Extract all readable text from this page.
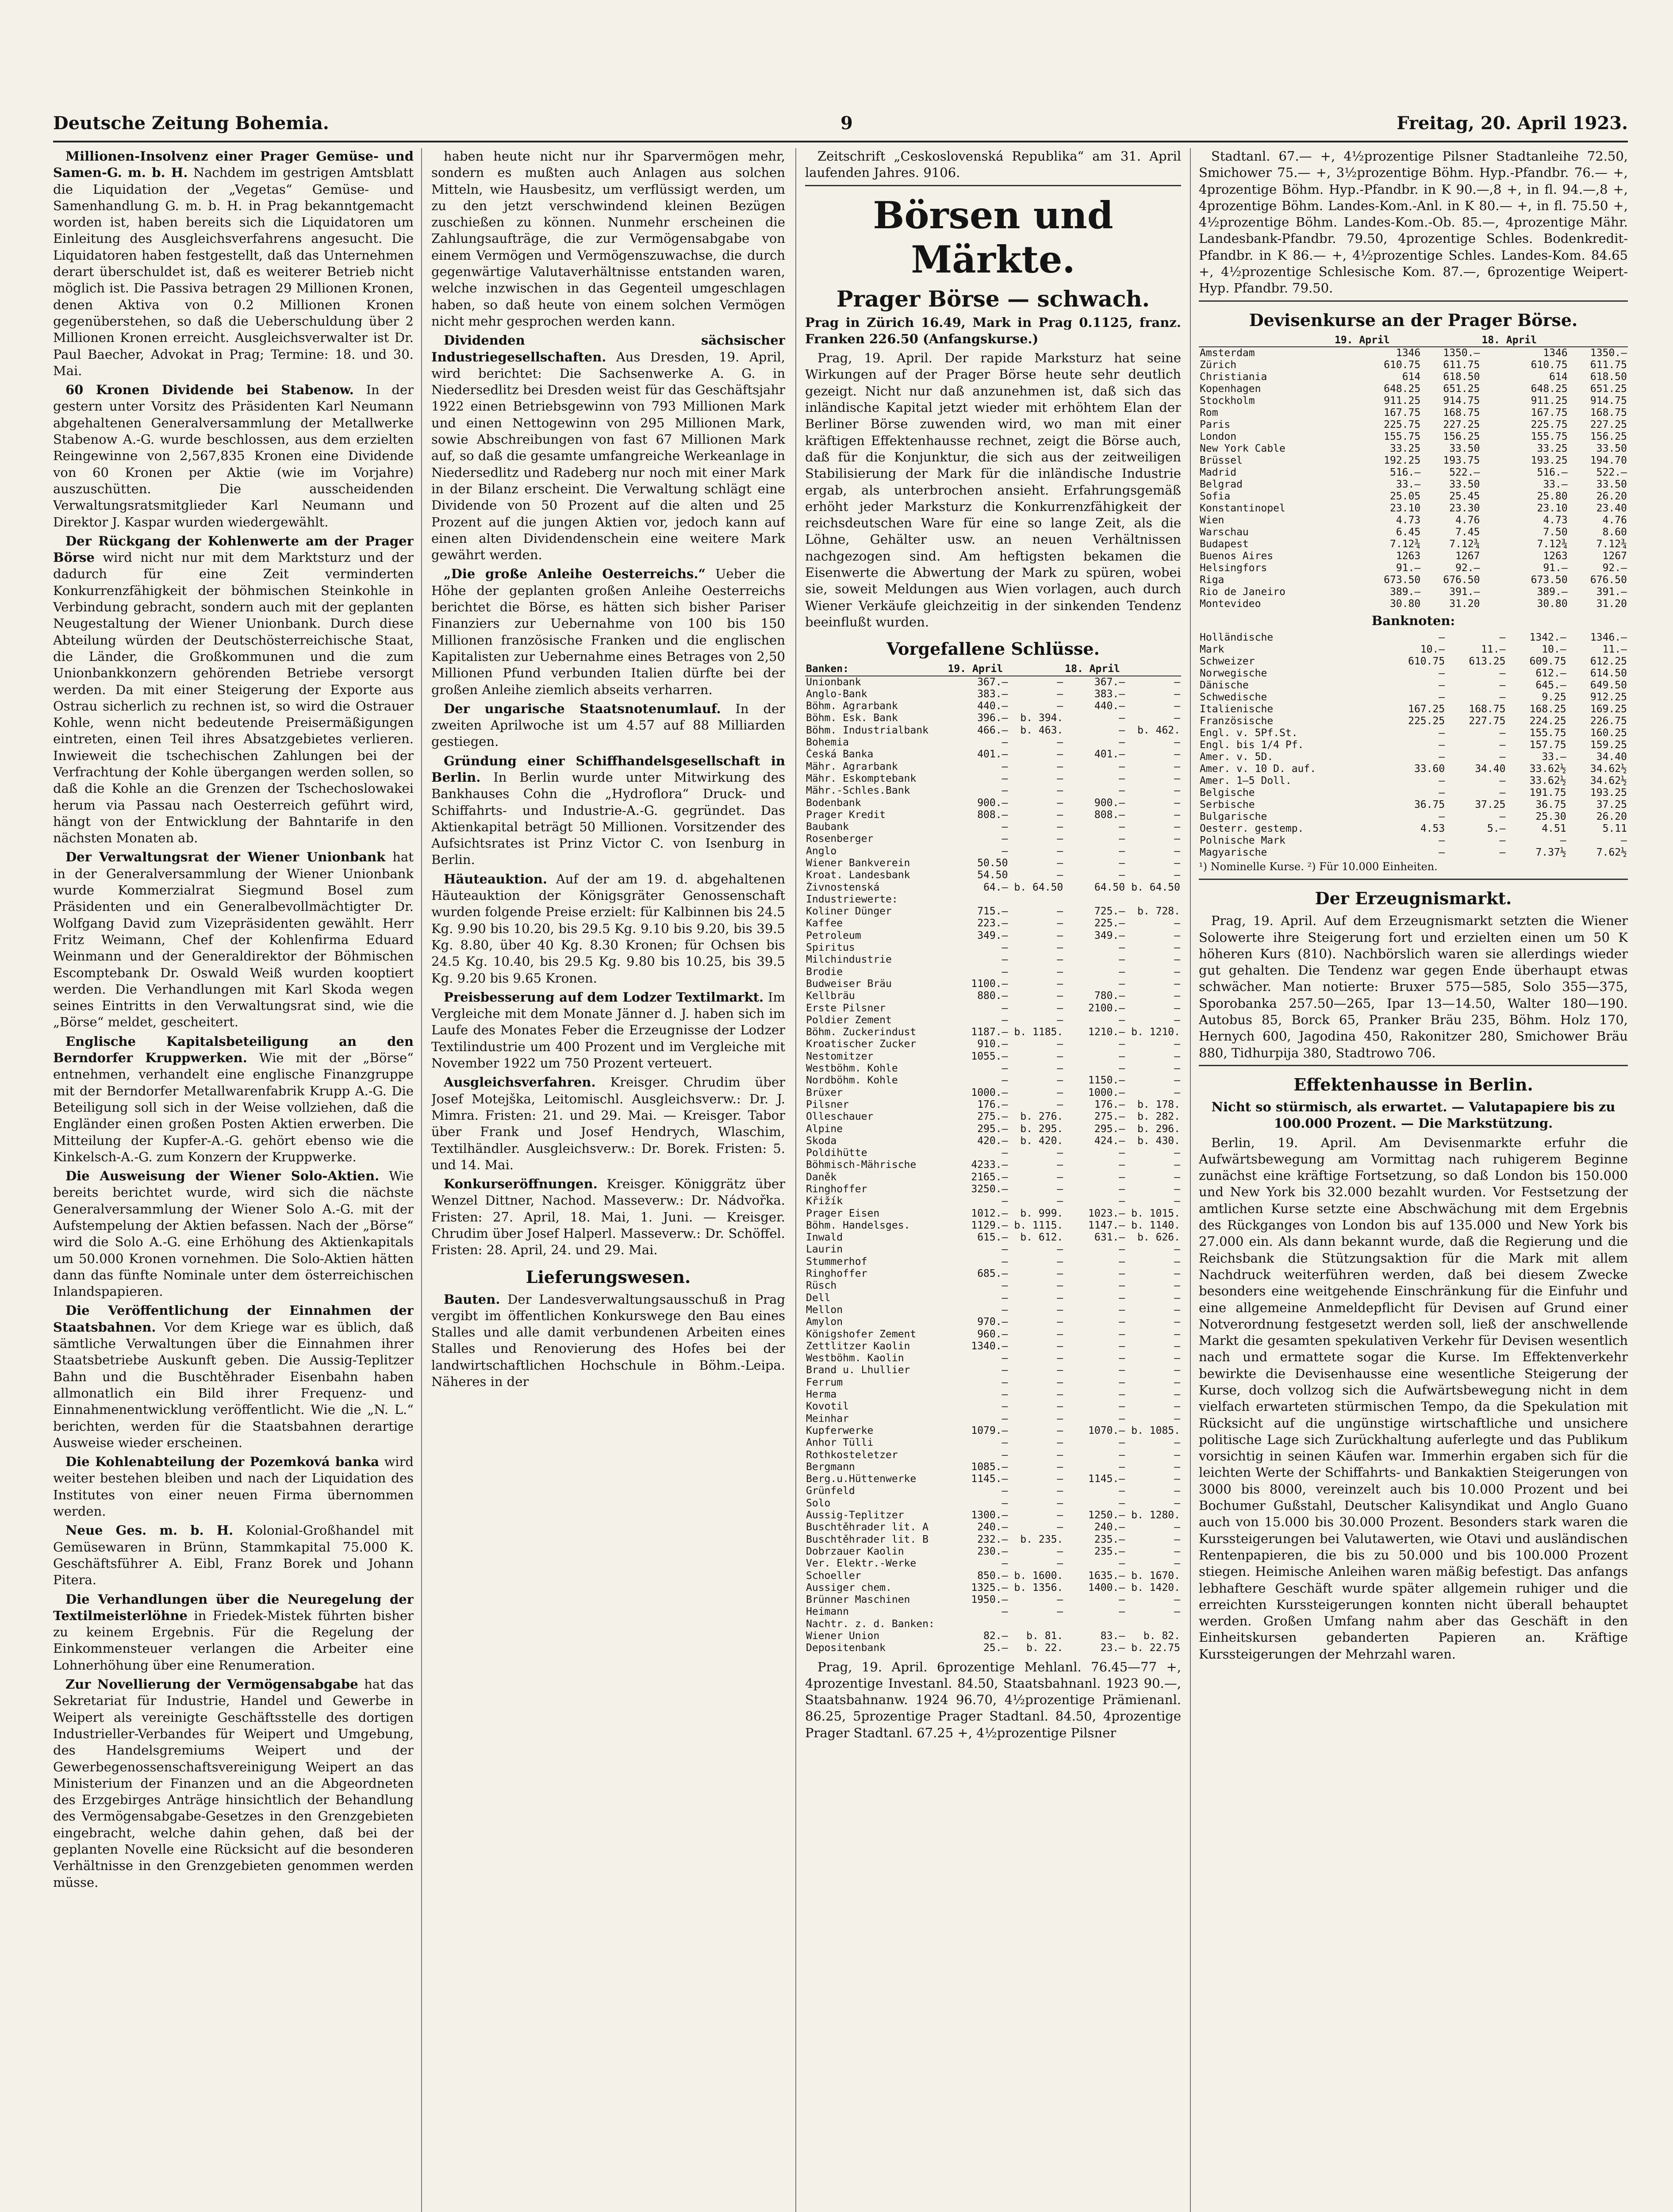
Deutsche Zeitung Bohemia.	9	Freitag, 20. April 1923.

Millionen-Insolvenz einer Prager Gemüse- und Samen-G. m. b. H. Nachdem im gestrigen Amtsblatt die Liquidation der „Vegetas“ Gemüse- und Samenhandlung G. m. b. H. in Prag bekanntgemacht worden ist, haben bereits sich die Liquidatoren um Einleitung des Ausgleichsverfahrens angesucht. Die Liquidatoren haben festgestellt, daß das Unternehmen derart überschuldet ist, daß es weiterer Betrieb nicht möglich ist. Die Passiva betragen 29 Millionen Kronen, denen Aktiva von 0.2 Millionen Kronen gegenüberstehen, so daß die Ueberschuldung über 2 Millionen Kronen erreicht. Ausgleichsverwalter ist Dr. Paul Baecher, Advokat in Prag; Termine: 18. und 30. Mai.

60 Kronen Dividende bei Stabenow. In der gestern unter Vorsitz des Präsidenten Karl Neumann abgehaltenen Generalversammlung der Metallwerke Stabenow A.-G. wurde beschlossen, aus dem erzielten Reingewinne von 2,567,835 Kronen eine Dividende von 60 Kronen per Aktie (wie im Vorjahre) auszuschütten. Die ausscheidenden Verwaltungsratsmitglieder Karl Neumann und Direktor J. Kaspar wurden wiedergewählt.

Der Rückgang der Kohlenwerte am der Prager Börse wird nicht nur mit dem Marktsturz und der dadurch für eine Zeit verminderten Konkurrenzfähigkeit der böhmischen Steinkohle in Verbindung gebracht, sondern auch mit der geplanten Neugestaltung der Wiener Unionbank. Durch diese Abteilung würden der Deutschösterreichische Staat, die Länder, die Großkommunen und die zum Unionbankkonzern gehörenden Betriebe versorgt werden. Da mit einer Steigerung der Exporte aus Ostrau sicherlich zu rechnen ist, so wird die Ostrauer Kohle, wenn nicht bedeutende Preisermäßigungen eintreten, einen Teil ihres Absatzgebietes verlieren. Inwieweit die tschechischen Zahlungen bei der Verfrachtung der Kohle übergangen werden sollen, so daß die Kohle an die Grenzen der Tschechoslowakei herum via Passau nach Oesterreich geführt wird, hängt von der Entwicklung der Bahntarife in den nächsten Monaten ab.

Der Verwaltungsrat der Wiener Unionbank hat in der Generalversammlung der Wiener Unionbank wurde Kommerzialrat Siegmund Bosel zum Präsidenten und ein Generalbevollmächtigter Dr. Wolfgang David zum Vizepräsidenten gewählt. Herr Fritz Weimann, Chef der Kohlenfirma Eduard Weinmann und der Generaldirektor der Böhmischen Escomptebank Dr. Oswald Weiß wurden kooptiert werden. Die Verhandlungen mit Karl Skoda wegen seines Eintritts in den Verwaltungsrat sind, wie die „Börse“ meldet, gescheitert.

Englische Kapitalsbeteiligung an den Berndorfer Kruppwerken. Wie mit der „Börse“ entnehmen, verhandelt eine englische Finanzgruppe mit der Berndorfer Metallwarenfabrik Krupp A.-G. Die Beteiligung soll sich in der Weise vollziehen, daß die Engländer einen großen Posten Aktien erwerben. Die Mitteilung der Kupfer-A.-G. gehört ebenso wie die Kinkelsch-A.-G. zum Konzern der Kruppwerke.

Die Ausweisung der Wiener Solo-Aktien. Wie bereits berichtet wurde, wird sich die nächste Generalversammlung der Wiener Solo A.-G. mit der Aufstempelung der Aktien befassen. Nach der „Börse“ wird die Solo A.-G. eine Erhöhung des Aktienkapitals um 50.000 Kronen vornehmen. Die Solo-Aktien hätten dann das fünfte Nominale unter dem österreichischen Inlandspapieren.

Die Veröffentlichung der Einnahmen der Staatsbahnen. Vor dem Kriege war es üblich, daß sämtliche Verwaltungen über die Einnahmen ihrer Staatsbetriebe Auskunft geben. Die Aussig-Teplitzer Bahn und die Buschtěhrader Eisenbahn haben allmonatlich ein Bild ihrer Frequenz- und Einnahmenentwicklung veröffentlicht. Wie die „N. L.“ berichten, werden für die Staatsbahnen derartige Ausweise wieder erscheinen.

Die Kohlenabteilung der Pozemková banka wird weiter bestehen bleiben und nach der Liquidation des Institutes von einer neuen Firma übernommen werden.

Neue Ges. m. b. H. Kolonial-Großhandel mit Gemüsewaren in Brünn, Stammkapital 75.000 K. Geschäftsführer A. Eibl, Franz Borek und Johann Pitera.

Die Verhandlungen über die Neuregelung der Textilmeisterlöhne in Friedek-Mistek führten bisher zu keinem Ergebnis. Für die Regelung der Einkommensteuer verlangen die Arbeiter eine Lohnerhöhung über eine Renumeration.

Zur Novellierung der Vermögensabgabe hat das Sekretariat für Industrie, Handel und Gewerbe in Weipert als vereinigte Geschäftsstelle des dortigen Industrieller-Verbandes für Weipert und Umgebung, des Handelsgremiums Weipert und der Gewerbegenossenschaftsvereinigung Weipert an das Ministerium der Finanzen und an die Abgeordneten des Erzgebirges Anträge hinsichtlich der Behandlung des Vermögensabgabe-Gesetzes in den Grenzgebieten eingebracht, welche dahin gehen, daß bei der geplanten Novelle eine Rücksicht auf die besonderen Verhältnisse in den Grenzgebieten genommen werden müsse.

haben heute nicht nur ihr Sparvermögen mehr, sondern es mußten auch Anlagen aus solchen Mitteln, wie Hausbesitz, um verflüssigt werden, um zu den jetzt verschwindend kleinen Bezügen zuschießen zu können. Nunmehr erscheinen die Zahlungsaufträge, die zur Vermögensabgabe von einem Vermögen und Vermögenszuwachse, die durch gegenwärtige Valutaverhältnisse entstanden waren, welche inzwischen in das Gegenteil umgeschlagen haben, so daß heute von einem solchen Vermögen nicht mehr gesprochen werden kann.

Dividenden sächsischer Industriegesellschaften. Aus Dresden, 19. April, wird berichtet: Die Sachsenwerke A. G. in Niedersedlitz bei Dresden weist für das Geschäftsjahr 1922 einen Betriebsgewinn von 793 Millionen Mark und einen Nettogewinn von 295 Millionen Mark, sowie Abschreibungen von fast 67 Millionen Mark auf, so daß die gesamte umfangreiche Werkeanlage in Niedersedlitz und Radeberg nur noch mit einer Mark in der Bilanz erscheint. Die Verwaltung schlägt eine Dividende von 50 Prozent auf die alten und 25 Prozent auf die jungen Aktien vor, jedoch kann auf einen alten Dividendenschein eine weitere Mark gewährt werden.

„Die große Anleihe Oesterreichs.“ Ueber die Höhe der geplanten großen Anleihe Oesterreichs berichtet die Börse, es hätten sich bisher Pariser Finanziers zur Uebernahme von 100 bis 150 Millionen französische Franken und die englischen Kapitalisten zur Uebernahme eines Betrages von 2,50 Millionen Pfund verbunden Italien dürfte bei der großen Anleihe ziemlich abseits verharren.

Der ungarische Staatsnotenumlauf. In der zweiten Aprilwoche ist um 4.57 auf 88 Milliarden gestiegen.

Gründung einer Schiffhandelsgesellschaft in Berlin. In Berlin wurde unter Mitwirkung des Bankhauses Cohn die „Hydroflora“ Druck- und Schiffahrts- und Industrie-A.-G. gegründet. Das Aktienkapital beträgt 50 Millionen. Vorsitzender des Aufsichtsrates ist Prinz Victor C. von Isenburg in Berlin.

Häuteauktion. Auf der am 19. d. abgehaltenen Häuteauktion der Königsgräter Genossenschaft wurden folgende Preise erzielt: für Kalbinnen bis 24.5 Kg. 9.90 bis 10.20, bis 29.5 Kg. 9.10 bis 9.20, bis 39.5 Kg. 8.80, über 40 Kg. 8.30 Kronen; für Ochsen bis 24.5 Kg. 10.40, bis 29.5 Kg. 9.80 bis 10.25, bis 39.5 Kg. 9.20 bis 9.65 Kronen.

Preisbesserung auf dem Lodzer Textilmarkt. Im Vergleiche mit dem Monate Jänner d. J. haben sich im Laufe des Monates Feber die Erzeugnisse der Lodzer Textilindustrie um 400 Prozent und im Vergleiche mit November 1922 um 750 Prozent verteuert.

Ausgleichsverfahren. Kreisger. Chrudim über Josef Motejška, Leitomischl. Ausgleichsverw.: Dr. J. Mimra. Fristen: 21. und 29. Mai. — Kreisger. Tabor über Frank und Josef Hendrych, Wlaschim, Textilhändler. Ausgleichsverw.: Dr. Borek. Fristen: 5. und 14. Mai.

Konkurseröffnungen. Kreisger. Königgrätz über Wenzel Dittner, Nachod. Masseverw.: Dr. Nádvořka. Fristen: 27. April, 18. Mai, 1. Juni. — Kreisger. Chrudim über Josef Halperl. Masseverw.: Dr. Schöffel. Fristen: 28. April, 24. und 29. Mai.

Lieferungswesen.

Bauten. Der Landesverwaltungsausschuß in Prag vergibt im öffentlichen Konkurswege den Bau eines Stalles und alle damit verbundenen Arbeiten eines Stalles und Renovierung des Hofes bei der landwirtschaftlichen Hochschule in Böhm.-Leipa. Näheres in der

Zeitschrift „Ceskoslovenská Republika“ am 31. April laufenden Jahres. 9106.

Börsen und Märkte.
Prager Börse — schwach.

Prag in Zürich 16.49, Mark in Prag 0.1125, franz. Franken 226.50 (Anfangskurse.)

Prag, 19. April. Der rapide Marksturz hat seine Wirkungen auf der Prager Börse heute sehr deutlich gezeigt. Nicht nur daß anzunehmen ist, daß sich das inländische Kapital jetzt wieder mit erhöhtem Elan der Berliner Börse zuwenden wird, wo man mit einer kräftigen Effektenhausse rechnet, zeigt die Börse auch, daß für die Konjunktur, die sich aus der zeitweiligen Stabilisierung der Mark für die inländische Industrie ergab, als unterbrochen ansieht. Erfahrungsgemäß erhöht jeder Marksturz die Konkurrenzfähigkeit der reichsdeutschen Ware für eine so lange Zeit, als die Löhne, Gehälter usw. an neuen Verhältnissen nachgezogen sind. Am heftigsten bekamen die Eisenwerte die Abwertung der Mark zu spüren, wobei sie, soweit Meldungen aus Wien vorlagen, auch durch Wiener Verkäufe gleichzeitig in der sinkenden Tendenz beeinflußt wurden.

Vorgefallene Schlüsse.
Banken:	19. April		18. April	
Unionbank	367.—	—	367.—	—
Anglo-Bank	383.—	—	383.—	—
Böhm. Agrarbank	440.—	—	440.—	—
Böhm. Esk. Bank	396.—	b. 394.	—	—
Böhm. Industrialbank	466.—	b. 463.	—	b. 462.
Bohemia	—	—	—	—
Česká Banka	401.—	—	401.—	—
Mähr. Agrarbank	—	—	—	—
Mähr. Eskomptebank	—	—	—	—
Mähr.-Schles.Bank	—	—	—	—
Bodenbank	900.—	—	900.—	—
Prager Kredit	808.—	—	808.—	—
Baubank	—	—	—	—
Rosenberger	—	—	—	—
Anglo	—	—	—	—
Wiener Bankverein	50.50	—	—	—
Kroat. Landesbank	54.50	—	—	—
Živnostenská	64.—	b. 64.50	64.50	b. 64.50
Industriewerte:				
Koliner Dünger	715.—	—	725.—	b. 728.
Kaffee	223.—	—	225.—	—
Petroleum	349.—	—	349.—	—
Spiritus	—	—	—	—
Milchindustrie	—	—	—	—
Brodie	—	—	—	—
Budweiser Bräu	1100.—	—	—	—
Kellbräu	880.—	—	780.—	—
Erste Pilsner	—	—	2100.—	—
Poldier Zement	—	—	—	—
Böhm. Zuckerindust	1187.—	b. 1185.	1210.—	b. 1210.
Kroatischer Zucker	910.—	—	—	—
Nestomitzer	1055.—	—	—	—
Westböhm. Kohle	—	—	—	—
Nordböhm. Kohle	—	—	1150.—	—
Brüxer	1000.—	—	1000.—	—
Pilsner	176.—	—	176.—	b. 178.
Olleschauer	275.—	b. 276.	275.—	b. 282.
Alpine	295.—	b. 295.	295.—	b. 296.
Skoda	420.—	b. 420.	424.—	b. 430.
Poldihütte	—	—	—	—
Böhmisch-Mährische	4233.—	—	—	—
Daněk	2165.—	—	—	—
Ringhoffer	3250.—	—	—	—
Křižík	—	—	—	—
Prager Eisen	1012.—	b. 999.	1023.—	b. 1015.
Böhm. Handelsges.	1129.—	b. 1115.	1147.—	b. 1140.
Inwald	615.—	b. 612.	631.—	b. 626.
Laurin	—	—	—	—
Stummerhof	—	—	—	—
Ringhoffer	685.—	—	—	—
Rüsch	—	—	—	—
Dell	—	—	—	—
Mellon	—	—	—	—
Amylon	970.—	—	—	—
Königshofer Zement	960.—	—	—	—
Zettlitzer Kaolin	1340.—	—	—	—
Westböhm. Kaolin	—	—	—	—
Brand u. Lhullier	—	—	—	—
Ferrum	—	—	—	—
Herma	—	—	—	—
Kovotil	—	—	—	—
Meinhar	—	—	—	—
Kupferwerke	1079.—	—	1070.—	b. 1085.
Anhor Tülli	—	—	—	—
Rothkosteletzer	—	—	—	—
Bergmann	1085.—	—	—	—
Berg.u.Hüttenwerke	1145.—	—	1145.—	—
Grünfeld	—	—	—	—
Solo	—	—	—	—
Aussig-Teplitzer	1300.—	—	1250.—	b. 1280.
Buschtěhrader lit. A	240.—	—	240.—	—
Buschtěhrader lit. B	232.—	b. 235.	235.—	—
Dobrzauer Kaolin	230.—	—	235.—	—
Ver. Elektr.-Werke	—	—	—	—
Schoeller	850.—	b. 1600.	1635.—	b. 1670.
Aussiger chem.	1325.—	b. 1356.	1400.—	b. 1420.
Brünner Maschinen	1950.—	—	—	—
Heimann	—	—	—	—
Nachtr. z. d. Banken:				
Wiener Union	82.—	b. 81.	83.—	b. 82.
Depositenbank	25.—	b. 22.	23.—	b. 22.75

Prag, 19. April. 6prozentige Mehlanl. 76.45—77 +, 4prozentige Investanl. 84.50, Staatsbahnanl. 1923 90.—, Staatsbahnanw. 1924 96.70, 4½prozentige Prämienanl. 86.25, 5prozentige Prager Stadtanl. 84.50, 4prozentige Prager Stadtanl. 67.25 +, 4½prozentige Pilsner

Stadtanl. 67.— +, 4½prozentige Pilsner Stadtanleihe 72.50, Smichower 75.— +, 3½prozentige Böhm. Hyp.-Pfandbr. 76.— +, 4prozentige Böhm. Hyp.-Pfandbr. in K 90.—,8 +, in fl. 94.—,8 +, 4prozentige Böhm. Landes-Kom.-Anl. in K 80.— +, in fl. 75.50 +, 4½prozentige Böhm. Landes-Kom.-Ob. 85.—, 4prozentige Mähr. Landesbank-Pfandbr. 79.50, 4prozentige Schles. Bodenkredit-Pfandbr. in K 86.— +, 4½prozentige Schles. Landes-Kom. 84.65 +, 4½prozentige Schlesische Kom. 87.—, 6prozentige Weipert-Hyp. Pfandbr. 79.50.

Devisenkurse an der Prager Börse.
	19. April		18. April	
Amsterdam	1346	1350.—	1346	1350.—
Zürich	610.75	611.75	610.75	611.75
Christiania	614	618.50	614	618.50
Kopenhagen	648.25	651.25	648.25	651.25
Stockholm	911.25	914.75	911.25	914.75
Rom	167.75	168.75	167.75	168.75
Paris	225.75	227.25	225.75	227.25
London	155.75	156.25	155.75	156.25
New York Cable	33.25	33.50	33.25	33.50
Brüssel	192.25	193.75	193.25	194.70
Madrid	516.—	522.—	516.—	522.—
Belgrad	33.—	33.50	33.—	33.50
Sofia	25.05	25.45	25.80	26.20
Konstantinopel	23.10	23.30	23.10	23.40
Wien	4.73	4.76	4.73	4.76
Warschau	6.45	7.45	7.50	8.60
Budapest	7.12¾	7.12¾	7.12¾	7.12¾
Buenos Aires	1263	1267	1263	1267
Helsingfors	91.—	92.—	91.—	92.—
Riga	673.50	676.50	673.50	676.50
Rio de Janeiro	389.—	391.—	389.—	391.—
Montevideo	30.80	31.20	30.80	31.20
Banknoten:
Holländische	—	—	1342.—	1346.—
Mark	10.—	11.—	10.—	11.—
Schweizer	610.75	613.25	609.75	612.25
Norwegische	—	—	612.—	614.50
Dänische	—	—	645.—	649.50
Schwedische	—	—	9.25	912.25
Italienische	167.25	168.75	168.25	169.25
Französische	225.25	227.75	224.25	226.75
Engl. v. 5Pf.St.	—	—	155.75	160.25
Engl. bis 1/4 Pf.	—	—	157.75	159.25
Amer. v. 5D.	—	—	33.—	34.40
Amer. v. 10 D. auf.	33.60	34.40	33.62½	34.62½
Amer. 1—5 Doll.	—	—	33.62½	34.62½
Belgische	—	—	191.75	193.25
Serbische	36.75	37.25	36.75	37.25
Bulgarische	—	—	25.30	26.20
Oesterr. gestemp.	4.53	5.—	4.51	5.11
Polnische Mark	—	—	—	—
Magyarische	—	—	7.37½	7.62½

¹) Nominelle Kurse. ²) Für 10.000 Einheiten.

Der Erzeugnismarkt.

Prag, 19. April. Auf dem Erzeugnismarkt setzten die Wiener Solowerte ihre Steigerung fort und erzielten einen um 50 K höheren Kurs (810). Nachbörslich waren sie allerdings wieder gut gehalten. Die Tendenz war gegen Ende überhaupt etwas schwächer. Man notierte: Bruxer 575—585, Solo 355—375, Sporobanka 257.50—265, Ipar 13—14.50, Walter 180—190. Autobus 85, Borck 65, Pranker Bräu 235, Böhm. Holz 170, Hernych 600, Jagodina 450, Rakonitzer 280, Smichower Bräu 880, Tidhurpija 380, Stadtrowo 706.

Effektenhausse in Berlin.

Nicht so stürmisch, als erwartet. — Valutapapiere bis zu 100.000 Prozent. — Die Markstützung.

Berlin, 19. April. Am Devisenmarkte erfuhr die Aufwärtsbewegung am Vormittag nach ruhigerem Beginne zunächst eine kräftige Fortsetzung, so daß London bis 150.000 und New York bis 32.000 bezahlt wurden. Vor Festsetzung der amtlichen Kurse setzte eine Abschwächung mit dem Ergebnis des Rückganges von London bis auf 135.000 und New York bis 27.000 ein. Als dann bekannt wurde, daß die Regierung und die Reichsbank die Stützungsaktion für die Mark mit allem Nachdruck weiterführen werden, daß bei diesem Zwecke besonders eine weitgehende Einschränkung für die Einfuhr und eine allgemeine Anmeldepflicht für Devisen auf Grund einer Notverordnung festgesetzt werden soll, ließ der anschwellende Markt die gesamten spekulativen Verkehr für Devisen wesentlich nach und ermattete sogar die Kurse. Im Effektenverkehr bewirkte die Devisenhausse eine wesentliche Steigerung der Kurse, doch vollzog sich die Aufwärtsbewegung nicht in dem vielfach erwarteten stürmischen Tempo, da die Spekulation mit Rücksicht auf die ungünstige wirtschaftliche und unsichere politische Lage sich Zurückhaltung auferlegte und das Publikum vorsichtig in seinen Käufen war. Immerhin ergaben sich für die leichten Werte der Schiffahrts- und Bankaktien Steigerungen von 3000 bis 8000, vereinzelt auch bis 10.000 Prozent und bei Bochumer Gußstahl, Deutscher Kalisyndikat und Anglo Guano auch von 15.000 bis 30.000 Prozent. Besonders stark waren die Kurssteigerungen bei Valutawerten, wie Otavi und ausländischen Rentenpapieren, die bis zu 50.000 und bis 100.000 Prozent stiegen. Heimische Anleihen waren mäßig befestigt. Das anfangs lebhaftere Geschäft wurde später allgemein ruhiger und die erreichten Kurssteigerungen konnten nicht überall behauptet werden. Großen Umfang nahm aber das Geschäft in den Einheitskursen gebanderten Papieren an. Kräftige Kurssteigerungen der Mehrzahl waren.
